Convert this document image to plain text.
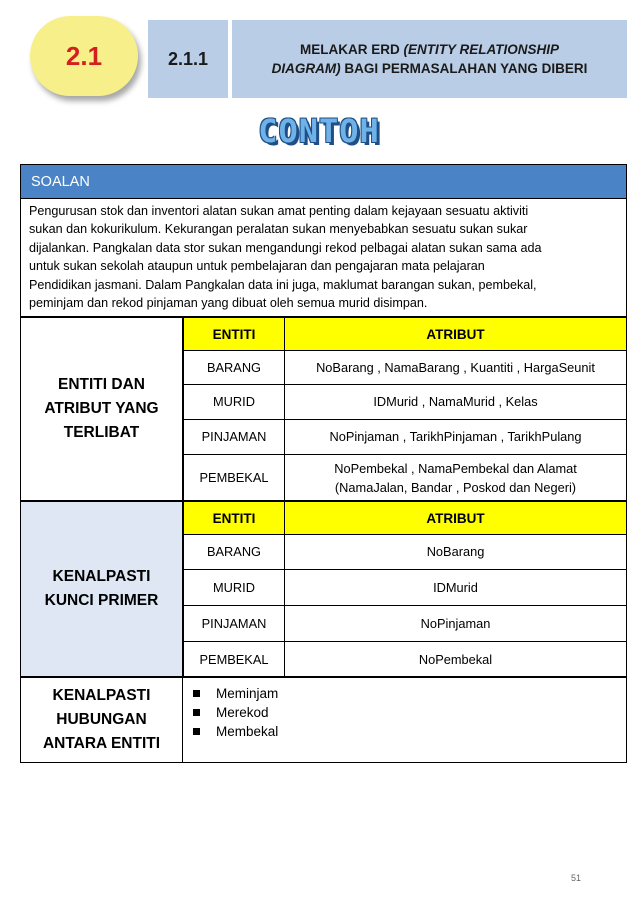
2.1	2.1.1	MELAKAR ERD (ENTITY RELATIONSHIP
DIAGRAM) BAGI PERMASALAHAN YANG DIBERI
CONTOH
SOALAN
Pengurusan stok dan inventori alatan sukan amat penting dalam kejayaan sesuatu aktiviti
sukan dan kokurikulum. Kekurangan peralatan sukan menyebabkan sesuatu sukan sukar
dijalankan. Pangkalan data stor sukan mengandungi rekod pelbagai alatan sukan sama ada
untuk sukan sekolah ataupun untuk pembelajaran dan pengajaran mata pelajaran
Pendidikan jasmani. Dalam Pangkalan data ini juga, maklumat barangan sukan, pembekal,
peminjam dan rekod pinjaman yang dibuat oleh semua murid disimpan.
ENTITI DAN
ATRIBUT YANG
TERLIBAT
ENTITI	ATRIBUT
BARANG	NoBarang , NamaBarang , Kuantiti , HargaSeunit
MURID	IDMurid , NamaMurid , Kelas
PINJAMAN	NoPinjaman , TarikhPinjaman , TarikhPulang
PEMBEKAL	NoPembekal , NamaPembekal dan Alamat
(NamaJalan, Bandar , Poskod dan Negeri)
KENALPASTI
KUNCI PRIMER
ENTITI	ATRIBUT
BARANG	NoBarang
MURID	IDMurid
PINJAMAN	NoPinjaman
PEMBEKAL	NoPembekal
KENALPASTI
HUBUNGAN
ANTARA ENTITI
Meminjam
Merekod
Membekal
51
